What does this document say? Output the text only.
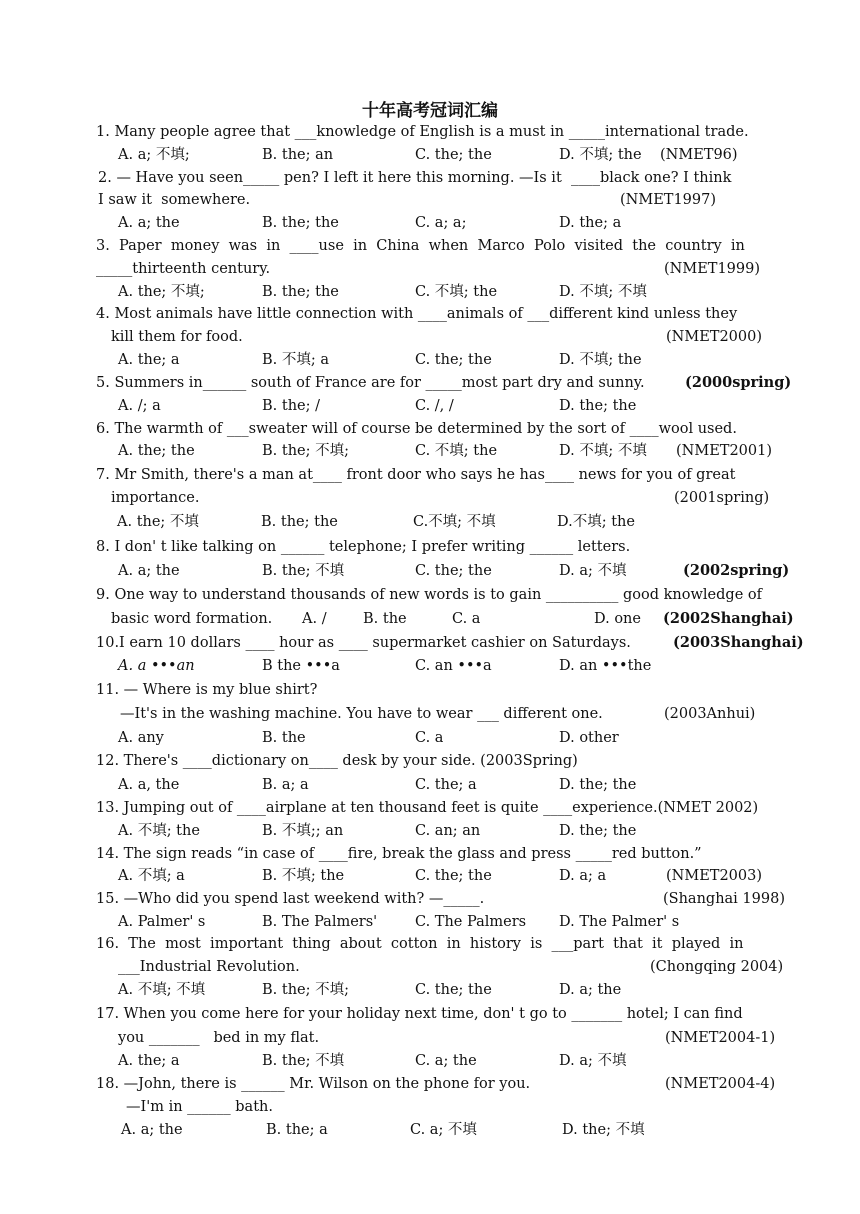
十年高考冠词汇编
1. Many people agree that ___knowledge of English is a must in _____international trade.
A. a; 不填;	B. the; an	C. the; the	D. 不填; the (NMET96)
2. — Have you seen_____ pen? I left it here this morning. —Is it  ____black one? I think
I saw it  somewhere.	(NMET1997)
A. a; the	B. the; the	C. a; a;	D. the; a
3.  Paper  money  was  in  ____use  in  China  when  Marco  Polo  visited  the  country  in
_____thirteenth century.	(NMET1999)
A. the; 不填;	B. the; the	C. 不填; the	D. 不填; 不填
4. Most animals have little connection with ____animals of ___different kind unless they
kill them for food.	(NMET2000)
A. the; a	B. 不填; a	C. the; the	D. 不填; the
5. Summers in______ south of France are for _____most part dry and sunny.	(2000spring)
A. /; a	B. the; /	C. /, /	D. the; the
6. The warmth of ___sweater will of course be determined by the sort of ____wool used.
A. the; the	B. the; 不填;	C. 不填; the	D. 不填; 不填 (NMET2001)
7. Mr Smith, there's a man at____ front door who says he has____ news for you of great
importance.	(2001spring)
A. the; 不填	B. the; the	C.不填; 不填	D.不填; the
8. I don' t like talking on ______ telephone; I prefer writing ______ letters.
A. a; the	B. the; 不填	C. the; the	D. a; 不填	(2002spring)
9. One way to understand thousands of new words is to gain __________ good knowledge of
basic word formation. A. /	B. the	C. a	D. one (2002Shanghai)
10.I earn 10 dollars ____ hour as ____ supermarket cashier on Saturdays.	(2003Shanghai)
A. a •••an	B the •••a	C. an •••a	D. an •••the
11. — Where is my blue shirt?
—It's in the washing machine. You have to wear ___ different one.	(2003Anhui)
A. any	B. the	C. a	D. other
12. There's ____dictionary on____ desk by your side. (2003Spring)
A. a, the	B. a; a	C. the; a	D. the; the
13. Jumping out of ____airplane at ten thousand feet is quite ____experience.(NMET 2002)
A. 不填; the	B. 不填;; an	C. an; an	D. the; the
14. The sign reads “in case of ____fire, break the glass and press _____red button.”
A. 不填; a	B. 不填; the	C. the; the	D. a; a	(NMET2003)
15. —Who did you spend last weekend with? —_____.	(Shanghai 1998)
A. Palmer' s	B. The Palmers'	C. The Palmers D. The Palmer' s
16.  The  most  important  thing  about  cotton  in  history  is  ___part  that  it  played  in
___Industrial Revolution.	(Chongqing 2004)
A. 不填; 不填	B. the; 不填;	C. the; the	D. a; the
17. When you come here for your holiday next time, don' t go to _______ hotel; I can find
you _______   bed in my flat.	(NMET2004-1)
A. the; a	B. the; 不填	C. a; the	D. a; 不填
18. —John, there is ______ Mr. Wilson on the phone for you.	(NMET2004-4)
—I'm in ______ bath.
A. a; the	B. the; a	C. a; 不填	D. the; 不填
